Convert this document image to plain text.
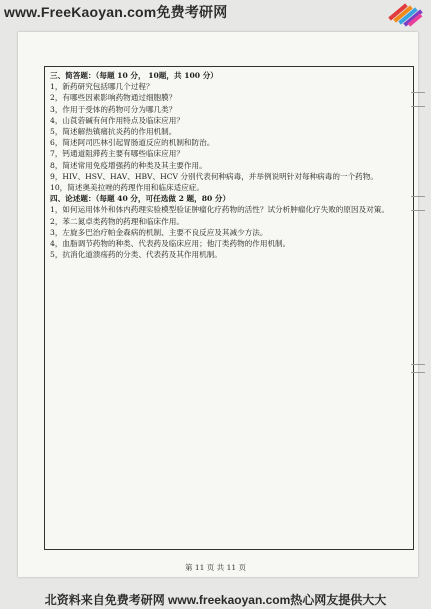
www.FreeKaoyan.com免费考研网
三、简答题：（每题 10 分， 10题，共 100 分）
1，新药研究包括哪几个过程？
2，有哪些因素影响药物通过细胞膜？
3，作用于受体的药物可分为哪几类？
4，山莨菪碱有何作用特点及临床应用？
5，简述解热镇痛抗炎药的作用机制。
6，简述阿司匹林引起胃肠道反应的机制和防治。
7，钙通道阻滞药主要有哪些临床应用？
8，简述常用免疫增强药的种类及其主要作用。
9，HIV、HSV、HAV、HBV、HCV 分别代表何种病毒，并举例说明针对每种病毒的一个药物。
10，简述奥美拉唑的药理作用和临床适应症。
四、论述题：（每题 40 分，可任选做 2 题，80 分）
1，如何运用体外和体内药理实验模型验证肿瘤化疗药物的活性？试分析肿瘤化疗失败的原因及对策。
2，苯二氮卓类药物的药理和临床作用。
3，左旋多巴治疗帕金森病的机制、主要不良反应及其减少方法。
4，血脂调节药物的种类、代表药及临床应用；他汀类药物的作用机制。
5，抗消化道溃疡药的分类、代表药及其作用机制。
第 11 页 共 11 页
北资料来自免费考研网 www.freekaoyan.com热心网友提供大大
